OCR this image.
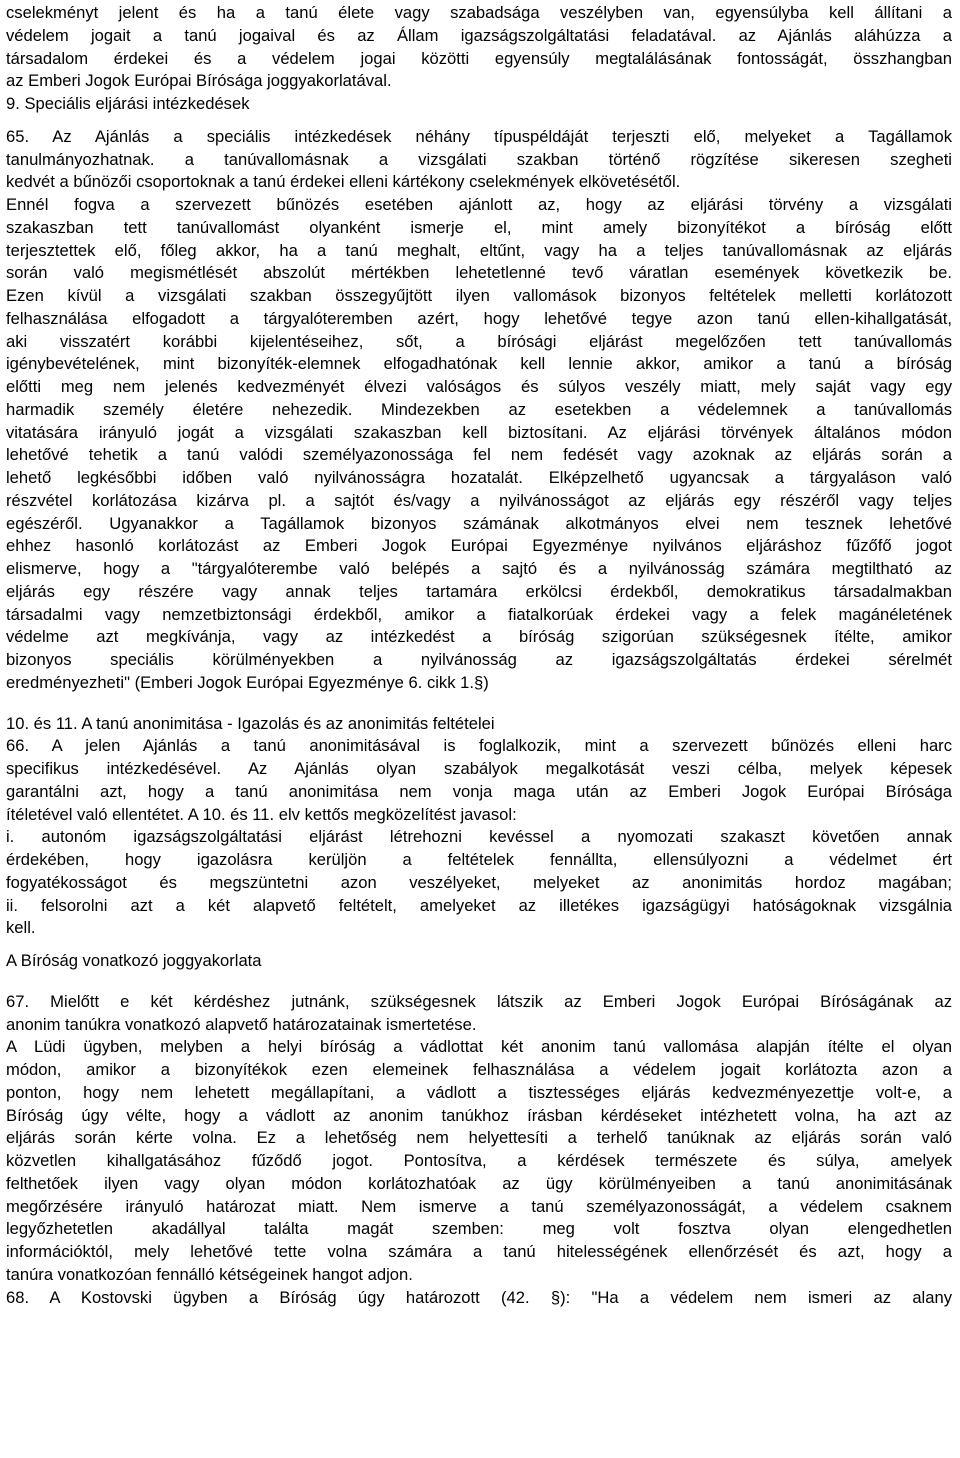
cselekményt jelent és ha a tanú élete vagy szabadsága veszélyben van, egyensúlyba kell állítani a
védelem jogait a tanú jogaival és az Állam igazságszolgáltatási feladatával. az Ajánlás aláhúzza a
társadalom érdekei és a védelem jogai közötti egyensúly megtalálásának fontosságát, összhangban
az Emberi Jogok Európai Bírósága joggyakorlatával.
9. Speciális eljárási intézkedések
65. Az Ajánlás a speciális intézkedések néhány típuspéldáját terjeszti elő, melyeket a Tagállamok
tanulmányozhatnak. a tanúvallomásnak a vizsgálati szakban történő rögzítése sikeresen szegheti
kedvét a bűnözői csoportoknak a tanú érdekei elleni kártékony cselekmények elkövetésétől.
Ennél fogva a szervezett bűnözés esetében ajánlott az, hogy az eljárási törvény a vizsgálati
szakaszban tett tanúvallomást olyanként ismerje el, mint amely bizonyítékot a bíróság előtt
terjesztettek elő, főleg akkor, ha a tanú meghalt, eltűnt, vagy ha a teljes tanúvallomásnak az eljárás
során való megismétlését abszolút mértékben lehetetlenné tevő váratlan események következik be.
Ezen kívül a vizsgálati szakban összegyűjtött ilyen vallomások bizonyos feltételek melletti korlátozott
felhasználása elfogadott a tárgyalóteremben azért, hogy lehetővé tegye azon tanú ellen-kihallgatását,
aki visszatért korábbi kijelentéseihez, sőt, a bírósági eljárást megelőzően tett tanúvallomás
igénybevételének, mint bizonyíték-elemnek elfogadhatónak kell lennie akkor, amikor a tanú a bíróság
előtti meg nem jelenés kedvezményét élvezi valóságos és súlyos veszély miatt, mely saját vagy egy
harmadik személy életére nehezedik. Mindezekben az esetekben a védelemnek a tanúvallomás
vitatására irányuló jogát a vizsgálati szakaszban kell biztosítani. Az eljárási törvények általános módon
lehetővé tehetik a tanú valódi személyazonossága fel nem fedését vagy azoknak az eljárás során a
lehető legkésőbbi időben való nyilvánosságra hozatalát. Elképzelhető ugyancsak a tárgyaláson való
részvétel korlátozása kizárva pl. a sajtót és/vagy a nyilvánosságot az eljárás egy részéről vagy teljes
egészéről. Ugyanakkor a Tagállamok bizonyos számának alkotmányos elvei nem tesznek lehetővé
ehhez hasonló korlátozást az Emberi Jogok Európai Egyezménye nyilvános eljáráshoz fűzőfő jogot
elismerve, hogy a "tárgyalóterembe való belépés a sajtó és a nyilvánosság számára megtiltható az
eljárás egy részére vagy annak teljes tartamára erkölcsi érdekből, demokratikus társadalmakban
társadalmi vagy nemzetbiztonsági érdekből, amikor a fiatalkorúak érdekei vagy a felek magánéletének
védelme azt megkívánja, vagy az intézkedést a bíróság szigorúan szükségesnek ítélte, amikor
bizonyos speciális körülményekben a nyilvánosság az igazságszolgáltatás érdekei sérelmét
eredményezheti" (Emberi Jogok Európai Egyezménye 6. cikk 1.§)
10. és 11. A tanú anonimitása - Igazolás és az anonimitás feltételei
66. A jelen Ajánlás a tanú anonimitásával is foglalkozik, mint a szervezett bűnözés elleni harc
specifikus intézkedésével. Az Ajánlás olyan szabályok megalkotását veszi célba, melyek képesek
garantálni azt, hogy a tanú anonimitása nem vonja maga után az Emberi Jogok Európai Bírósága
ítéletével való ellentétet. A 10. és 11. elv kettős megközelítést javasol:
i. autonóm igazságszolgáltatási eljárást létrehozni kevéssel a nyomozati szakaszt követően annak
érdekében, hogy igazolásra kerüljön a feltételek fennállta, ellensúlyozni a védelmet ért
fogyatékosságot és megszüntetni azon veszélyeket, melyeket az anonimitás hordoz magában;
ii. felsorolni azt a két alapvető feltételt, amelyeket az illetékes igazságügyi hatóságoknak vizsgálnia
kell.
A Bíróság vonatkozó joggyakorlata
67. Mielőtt e két kérdéshez jutnánk, szükségesnek látszik az Emberi Jogok Európai Bíróságának az
anonim tanúkra vonatkozó alapvető határozatainak ismertetése.
A Lüdi ügyben, melyben a helyi bíróság a vádlottat két anonim tanú vallomása alapján ítélte el olyan
módon, amikor a bizonyítékok ezen elemeinek felhasználása a védelem jogait korlátozta azon a
ponton, hogy nem lehetett megállapítani, a vádlott a tisztességes eljárás kedvezményezettje volt-e, a
Bíróság úgy vélte, hogy a vádlott az anonim tanúkhoz írásban kérdéseket intézhetett volna, ha azt az
eljárás során kérte volna. Ez a lehetőség nem helyettesíti a terhelő tanúknak az eljárás során való
közvetlen kihallgatásához fűződő jogot. Pontosítva, a kérdések természete és súlya, amelyek
felthetőek ilyen vagy olyan módon korlátozhatóak az ügy körülményeiben a tanú anonimitásának
megőrzésére irányuló határozat miatt. Nem ismerve a tanú személyazonosságát, a védelem csaknem
legyőzhetetlen akadállyal találta magát szemben: meg volt fosztva olyan elengedhetlen
információktól, mely lehetővé tette volna számára a tanú hitelességének ellenőrzését és azt, hogy a
tanúra vonatkozóan fennálló kétségeinek hangot adjon.
68. A Kostovski ügyben a Bíróság úgy határozott (42. §): "Ha a védelem nem ismeri az alany
